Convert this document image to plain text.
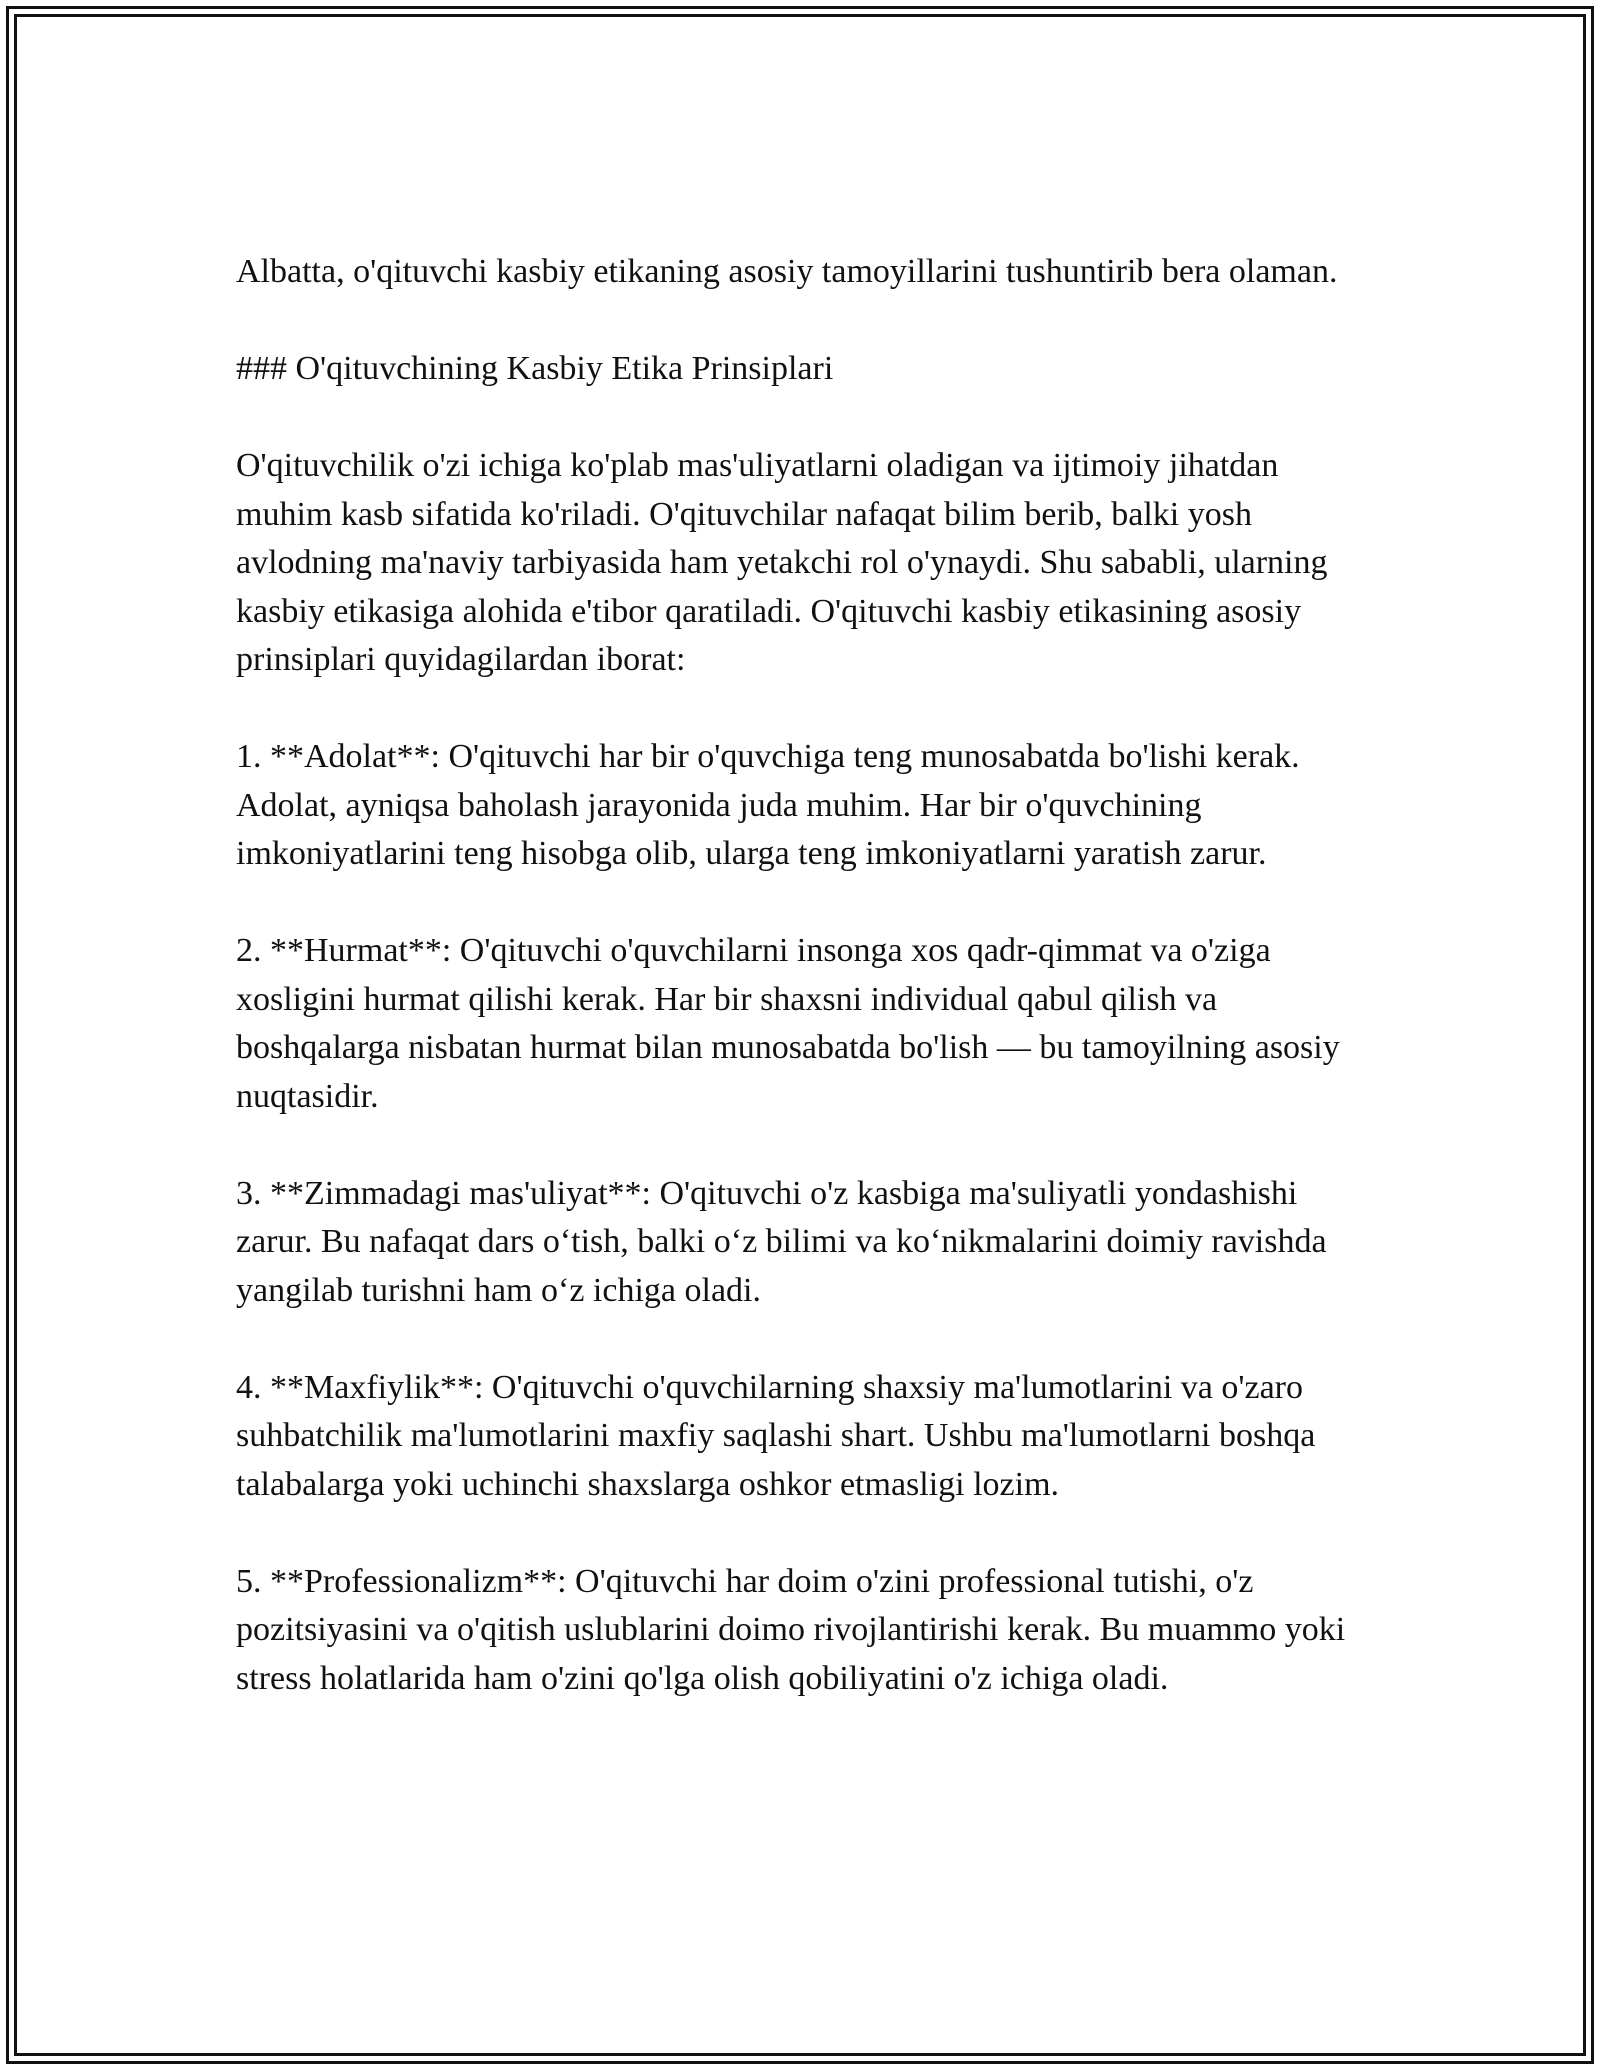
Albatta, o'qituvchi kasbiy etikaning asosiy tamoyillarini tushuntirib bera olaman.

### O'qituvchining Kasbiy Etika Prinsiplari

O'qituvchilik o'zi ichiga ko'plab mas'uliyatlarni oladigan va ijtimoiy jihatdan muhim kasb sifatida ko'riladi. O'qituvchilar nafaqat bilim berib, balki yosh avlodning ma'naviy tarbiyasida ham yetakchi rol o'ynaydi. Shu sababli, ularning kasbiy etikasiga alohida e'tibor qaratiladi. O'qituvchi kasbiy etikasining asosiy prinsiplari quyidagilardan iborat:

1. **Adolat**: O'qituvchi har bir o'quvchiga teng munosabatda bo'lishi kerak. Adolat, ayniqsa baholash jarayonida juda muhim. Har bir o'quvchining imkoniyatlarini teng hisobga olib, ularga teng imkoniyatlarni yaratish zarur.

2. **Hurmat**: O'qituvchi o'quvchilarni insonga xos qadr-qimmat va o'ziga xosligini hurmat qilishi kerak. Har bir shaxsni individual qabul qilish va boshqalarga nisbatan hurmat bilan munosabatda bo'lish — bu tamoyilning asosiy nuqtasidir.

3. **Zimmadagi mas'uliyat**: O'qituvchi o'z kasbiga ma'suliyatli yondashishi zarur. Bu nafaqat dars o‘tish, balki o‘z bilimi va ko‘nikmalarini doimiy ravishda yangilab turishni ham o‘z ichiga oladi.

4. **Maxfiylik**: O'qituvchi o'quvchilarning shaxsiy ma'lumotlarini va o'zaro suhbatchilik ma'lumotlarini maxfiy saqlashi shart. Ushbu ma'lumotlarni boshqa talabalarga yoki uchinchi shaxslarga oshkor etmasligi lozim.

5. **Professionalizm**: O'qituvchi har doim o'zini professional tutishi, o'z pozitsiyasini va o'qitish uslublarini doimo rivojlantirishi kerak. Bu muammo yoki stress holatlarida ham o'zini qo'lga olish qobiliyatini o'z ichiga oladi.
